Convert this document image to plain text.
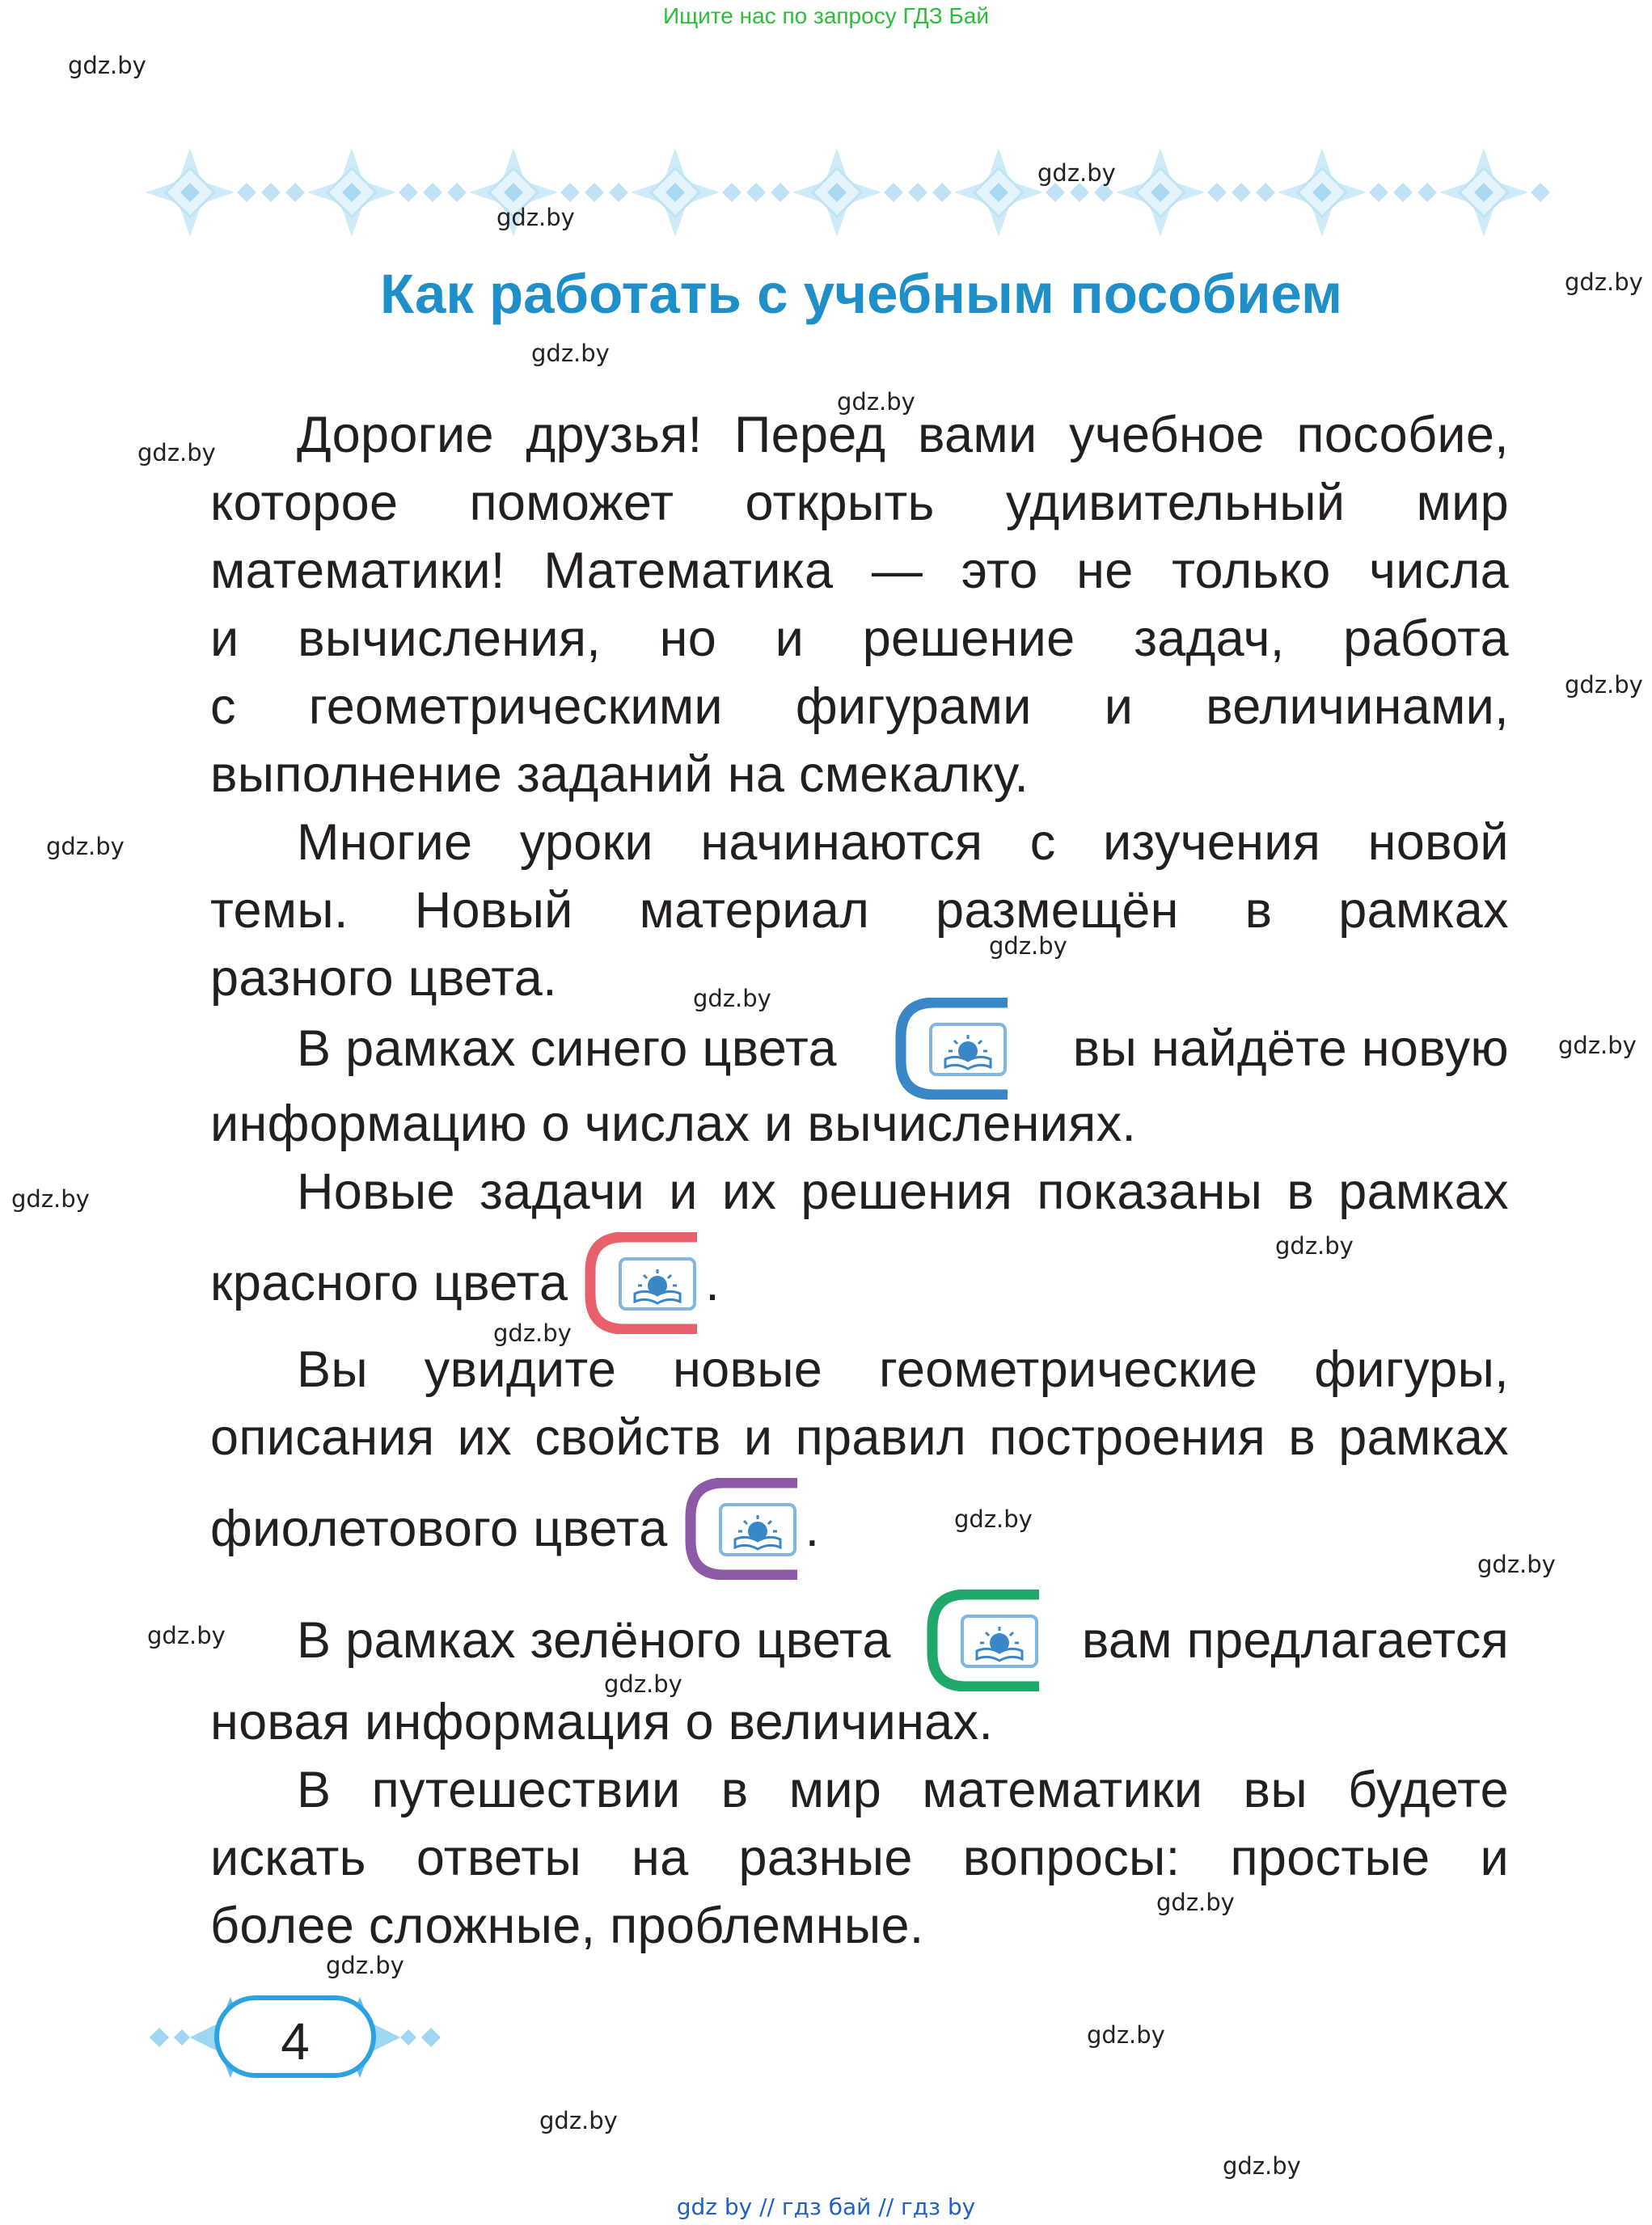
Ищите нас по запросу ГДЗ Бай
Как работать с учебным пособием
Дорогие друзья! Перед вами учебное пособие,
которое поможет открыть удивительный мир
математики! Математика — это не только числа
и вычисления, но и решение задач, работа
с геометрическими фигурами и величинами,
выполнение заданий на смекалку.
Многие уроки начинаются с изучения новой
темы. Новый материал размещён в рамках
разного цвета.
В рамках синего цвета	вы найдёте новую
информацию о числах и вычислениях.
Новые задачи и их решения показаны в рамках
красного цвета	.
Вы увидите новые геометрические фигуры,
описания их свойств и правил построения в рамках
фиолетового цвета	.
В рамках зелёного цвета	вам предлагается
новая информация о величинах.
В путешествии в мир математики вы будете
искать ответы на разные вопросы: простые и
более сложные, проблемные.
4
gdz.by
gdz.by
gdz.by
gdz.by
gdz.by
gdz.by
gdz.by
gdz.by
gdz.by
gdz.by
gdz.by
gdz.by
gdz.by
gdz.by
gdz.by
gdz.by
gdz.by
gdz.by
gdz.by
gdz.by
gdz.by
gdz.by
gdz.by
gdz.by
gdz by // гдз бай // гдз by
